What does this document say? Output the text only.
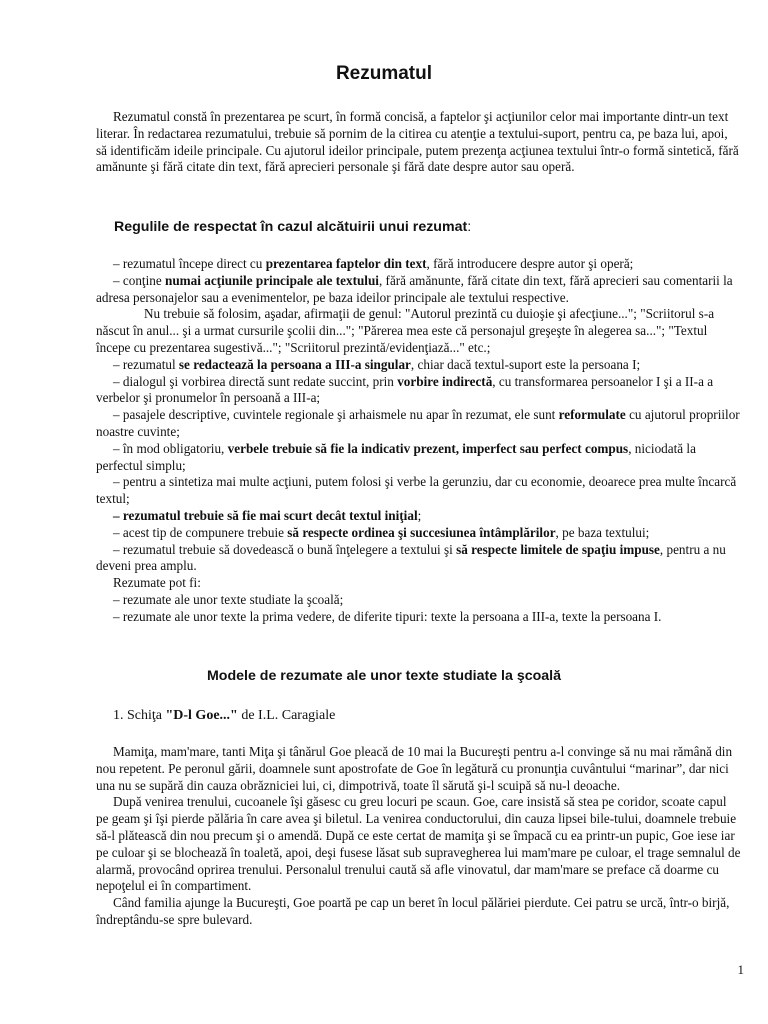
Rezumatul

Rezumatul constă în prezentarea pe scurt, în formă concisă, a faptelor şi acţiunilor celor mai importante dintr-un text literar. În redactarea rezumatului, trebuie să pornim de la citirea cu atenţie a textului-suport, pentru ca, pe baza lui, apoi, să identificăm ideile principale. Cu ajutorul ideilor principale, putem prezenţa acţiunea textului într-o formă sintetică, fără amănunte şi fără citate din text, fără aprecieri personale şi fără date despre autor sau operă.

Regulile de respectat în cazul alcătuirii unui rezumat:

– rezumatul începe direct cu prezentarea faptelor din text, fără introducere despre autor şi operă;

– conţine numai acţiunile principale ale textului, fără amănunte, fără citate din text, fără aprecieri sau comentarii la adresa personajelor sau a evenimentelor, pe baza ideilor principale ale textului respective.

Nu trebuie să folosim, aşadar, afirmaţii de genul: "Autorul prezintă cu duioşie şi afecţiune..."; "Scriitorul s-a născut în anul... şi a urmat cursurile şcolii din..."; "Părerea mea este că personajul greşeşte în alegerea sa..."; "Textul începe cu prezentarea sugestivă..."; "Scriitorul prezintă/evidenţiază..." etc.;

– rezumatul se redactează la persoana a III-a singular, chiar dacă textul-suport este la persoana I;

– dialogul şi vorbirea directă sunt redate succint, prin vorbire indirectă, cu transformarea persoanelor I şi a II-a a verbelor şi pronumelor în persoană a III-a;

– pasajele descriptive, cuvintele regionale şi arhaismele nu apar în rezumat, ele sunt reformulate cu ajutorul propriilor noastre cuvinte;

– în mod obligatoriu, verbele trebuie să fie la indicativ prezent, imperfect sau perfect compus, niciodată la perfectul simplu;

– pentru a sintetiza mai multe acţiuni, putem folosi şi verbe la gerunziu, dar cu economie, deoarece prea multe încarcă textul;

– rezumatul trebuie să fie mai scurt decât textul iniţial;

– acest tip de compunere trebuie să respecte ordinea şi succesiunea întâmplărilor, pe baza textului;

– rezumatul trebuie să dovedească o bună înţelegere a textului şi să respecte limitele de spaţiu impuse, pentru a nu deveni prea amplu.

Rezumate pot fi:

– rezumate ale unor texte studiate la şcoală;

– rezumate ale unor texte la prima vedere, de diferite tipuri: texte la persoana a III-a, texte la persoana I.

Modele de rezumate ale unor texte studiate la şcoală

1. Schiţa "D-l Goe..." de I.L. Caragiale

Mamiţa, mam'mare, tanti Miţa şi tânărul Goe pleacă de 10 mai la Bucureşti pentru a-l convinge să nu mai rămână din nou repetent. Pe peronul gării, doamnele sunt apostrofate de Goe în legătură cu pronunţia cuvântului “marinar”, dar nici una nu se supără din cauza obrăzniciei lui, ci, dimpotrivă, toate îl sărută şi-l scuipă să nu-l deoache.

După venirea trenului, cucoanele îşi găsesc cu greu locuri pe scaun. Goe, care insistă să stea pe coridor, scoate capul pe geam şi îşi pierde pălăria în care avea şi biletul. La venirea conductorului, din cauza lipsei bile-tului, doamnele trebuie să-l plătească din nou precum şi o amendă. După ce este certat de mamiţa şi se împacă cu ea printr-un pupic, Goe iese iar pe culoar şi se blochează în toaletă, apoi, deşi fusese lăsat sub supravegherea lui mam'mare pe culoar, el trage semnalul de alarmă, provocând oprirea trenului. Personalul trenului caută să afle vinovatul, dar mam'mare se preface că doarme cu nepoţelul ei în compartiment.

Când familia ajunge la Bucureşti, Goe poartă pe cap un beret în locul pălăriei pierdute. Cei patru se urcă, într-o birjă, îndreptându-se spre bulevard.

1
